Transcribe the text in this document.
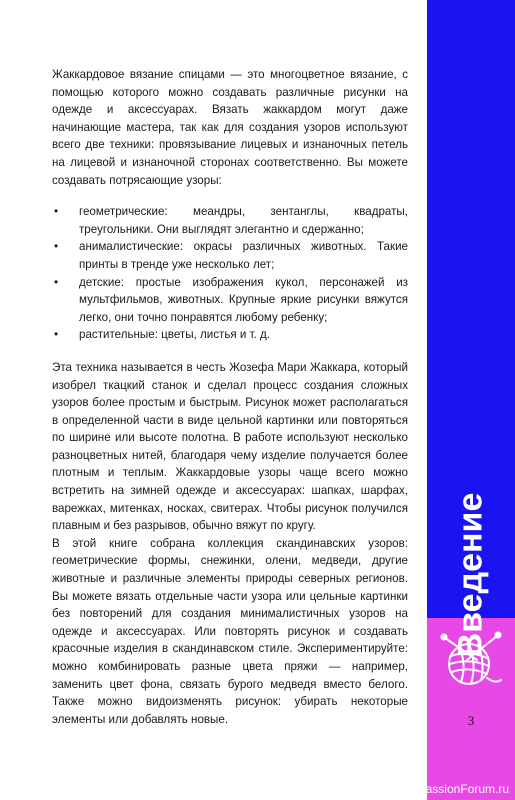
Жаккардовое вязание спицами — это многоцветное вязание, с помощью которого можно создавать различные рисунки на одежде и аксессуарах. Вязать жаккардом могут даже начинающие мастера, так как для создания узоров используют всего две техники: провязывание лицевых и изнаночных петель на лицевой и изнаночной сторонах соответственно. Вы можете создавать потрясающие узоры:

• геометрические: меандры, зентанглы, квадраты, треугольники. Они выглядят элегантно и сдержанно;
• анималистические: окрасы различных животных. Такие принты в тренде уже несколько лет;
• детские: простые изображения кукол, персонажей из мультфильмов, животных. Крупные яркие рисунки вяжутся легко, они точно понравятся любому ребенку;
• растительные: цветы, листья и т. д.

Эта техника называется в честь Жозефа Мари Жаккара, который изобрел ткацкий станок и сделал процесс создания сложных узоров более простым и быстрым. Рисунок может располагаться в определенной части в виде цельной картинки или повторяться по ширине или высоте полотна. В работе используют несколько разноцветных нитей, благодаря чему изделие получается более плотным и теплым. Жаккардовые узоры чаще всего можно встретить на зимней одежде и аксессуарах: шапках, шарфах, варежках, митенках, носках, свитерах. Чтобы рисунок получился плавным и без разрывов, обычно вяжут по кругу.

В этой книге собрана коллекция скандинавских узоров: геометрические формы, снежинки, олени, медведи, другие животные и различные элементы природы северных регионов. Вы можете вязать отдельные части узора или цельные картинки без повторений для создания минималистичных узоров на одежде и аксессуарах. Или повторять рисунок и создавать красочные изделия в скандинавском стиле. Экспериментируйте: можно комбинировать разные цвета пряжи — например, заменить цвет фона, связать бурого медведя вместо белого. Также можно видоизменять рисунок: убирать некоторые элементы или добавлять новые.

Введение
3
PassionForum.ru
